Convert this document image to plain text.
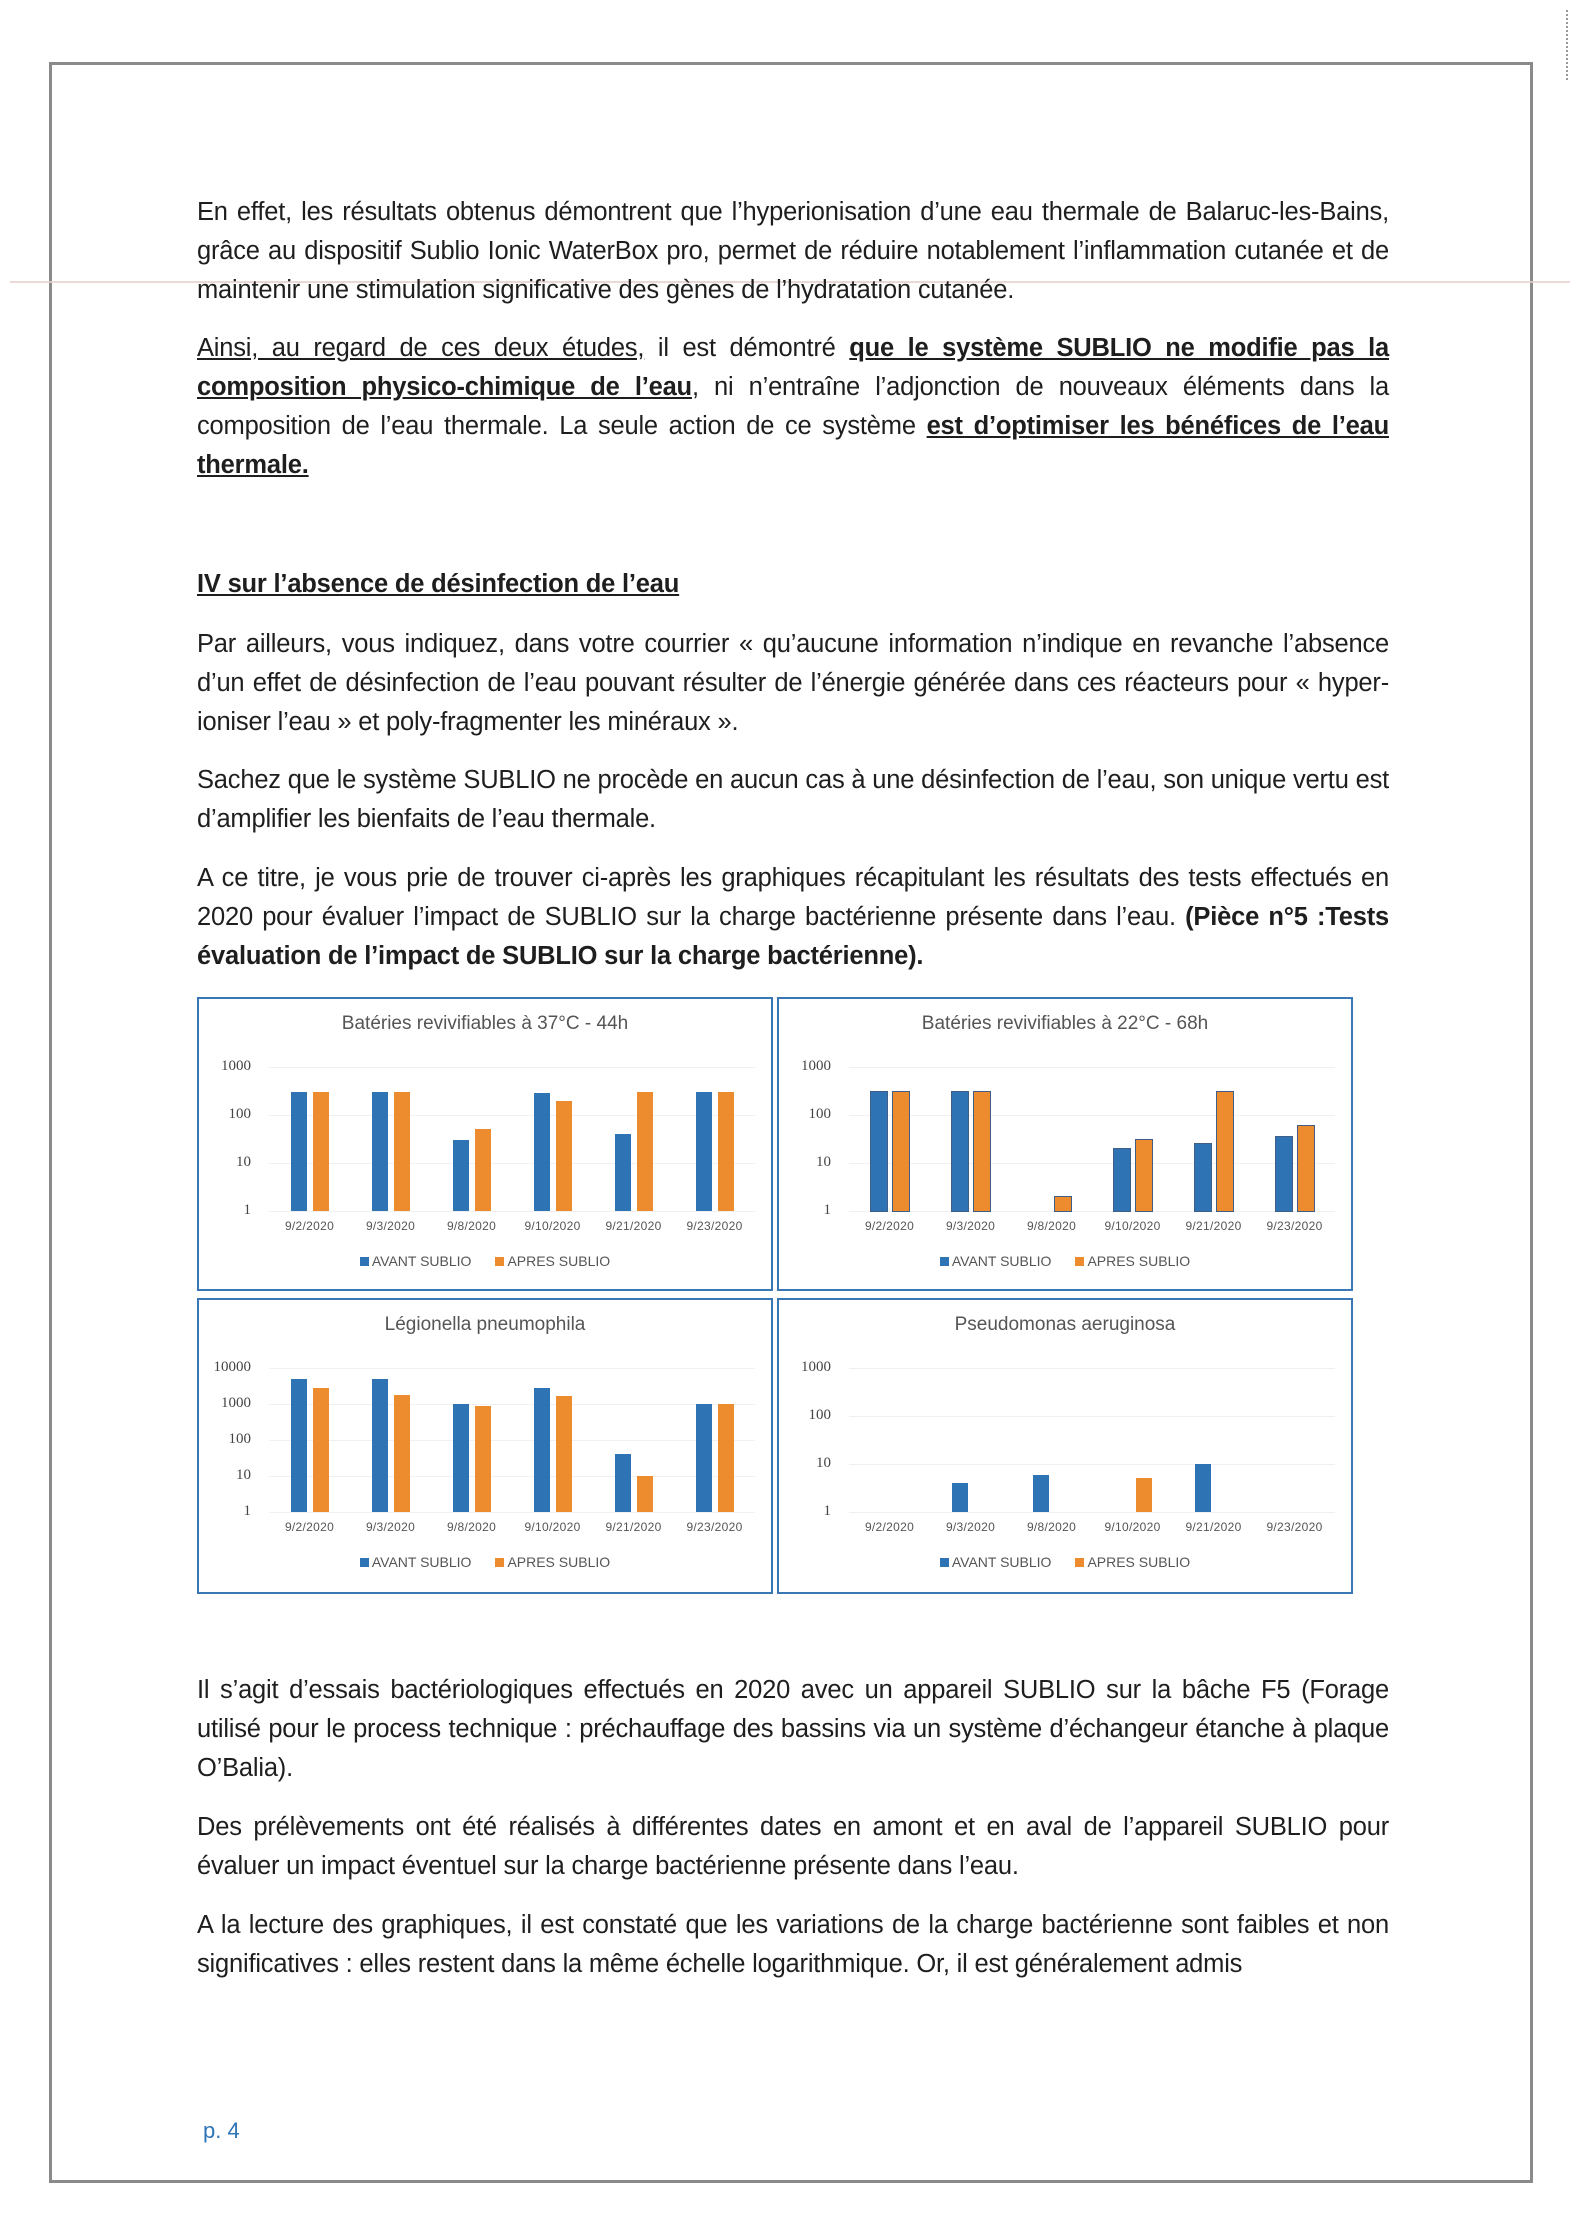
En effet, les résultats obtenus démontrent que l’hyperionisation d’une eau thermale de Balaruc-les-Bains, grâce au dispositif Sublio Ionic WaterBox pro, permet de réduire notablement l’inflammation cutanée et de maintenir une stimulation significative des gènes de l’hydratation cutanée.

Ainsi, au regard de ces deux études, il est démontré que le système SUBLIO ne modifie pas la composition physico-chimique de l’eau, ni n’entraîne l’adjonction de nouveaux éléments dans la composition de l’eau thermale. La seule action de ce système est d’optimiser les bénéfices de l’eau thermale.

IV sur l’absence de désinfection de l’eau

Par ailleurs, vous indiquez, dans votre courrier « qu’aucune information n’indique en revanche l’absence d’un effet de désinfection de l’eau pouvant résulter de l’énergie générée dans ces réacteurs pour « hyper-ioniser l’eau » et poly-fragmenter les minéraux ».

Sachez que le système SUBLIO ne procède en aucun cas à une désinfection de l’eau, son unique vertu est d’amplifier les bienfaits de l’eau thermale.

A ce titre, je vous prie de trouver ci-après les graphiques récapitulant les résultats des tests effectués en 2020 pour évaluer l’impact de SUBLIO sur la charge bactérienne présente dans l’eau. (Pièce n°5 :Tests évaluation de l’impact de SUBLIO sur la charge bactérienne).

Batéries revivifiables à 37°C - 44h
1000
100
10
1
9/2/2020	9/3/2020	9/8/2020	9/10/2020	9/21/2020	9/23/2020
AVANT SUBLIO	APRES SUBLIO
Batéries revivifiables à 22°C - 68h
1000
100
10
1
9/2/2020	9/3/2020	9/8/2020	9/10/2020	9/21/2020	9/23/2020
AVANT SUBLIO	APRES SUBLIO
Légionella pneumophila
10000
1000
100
10
1
9/2/2020	9/3/2020	9/8/2020	9/10/2020	9/21/2020	9/23/2020
AVANT SUBLIO	APRES SUBLIO
Pseudomonas aeruginosa
1000
100
10
1
9/2/2020	9/3/2020	9/8/2020	9/10/2020	9/21/2020	9/23/2020
AVANT SUBLIO	APRES SUBLIO

Il s’agit d’essais bactériologiques effectués en 2020 avec un appareil SUBLIO sur la bâche F5 (Forage utilisé pour le process technique : préchauffage des bassins via un système d’échangeur étanche à plaque O’Balia).

Des prélèvements ont été réalisés à différentes dates en amont et en aval de l’appareil SUBLIO pour évaluer un impact éventuel sur la charge bactérienne présente dans l’eau.

A la lecture des graphiques, il est constaté que les variations de la charge bactérienne sont faibles et non significatives : elles restent dans la même échelle logarithmique. Or, il est généralement admis

p. 4
